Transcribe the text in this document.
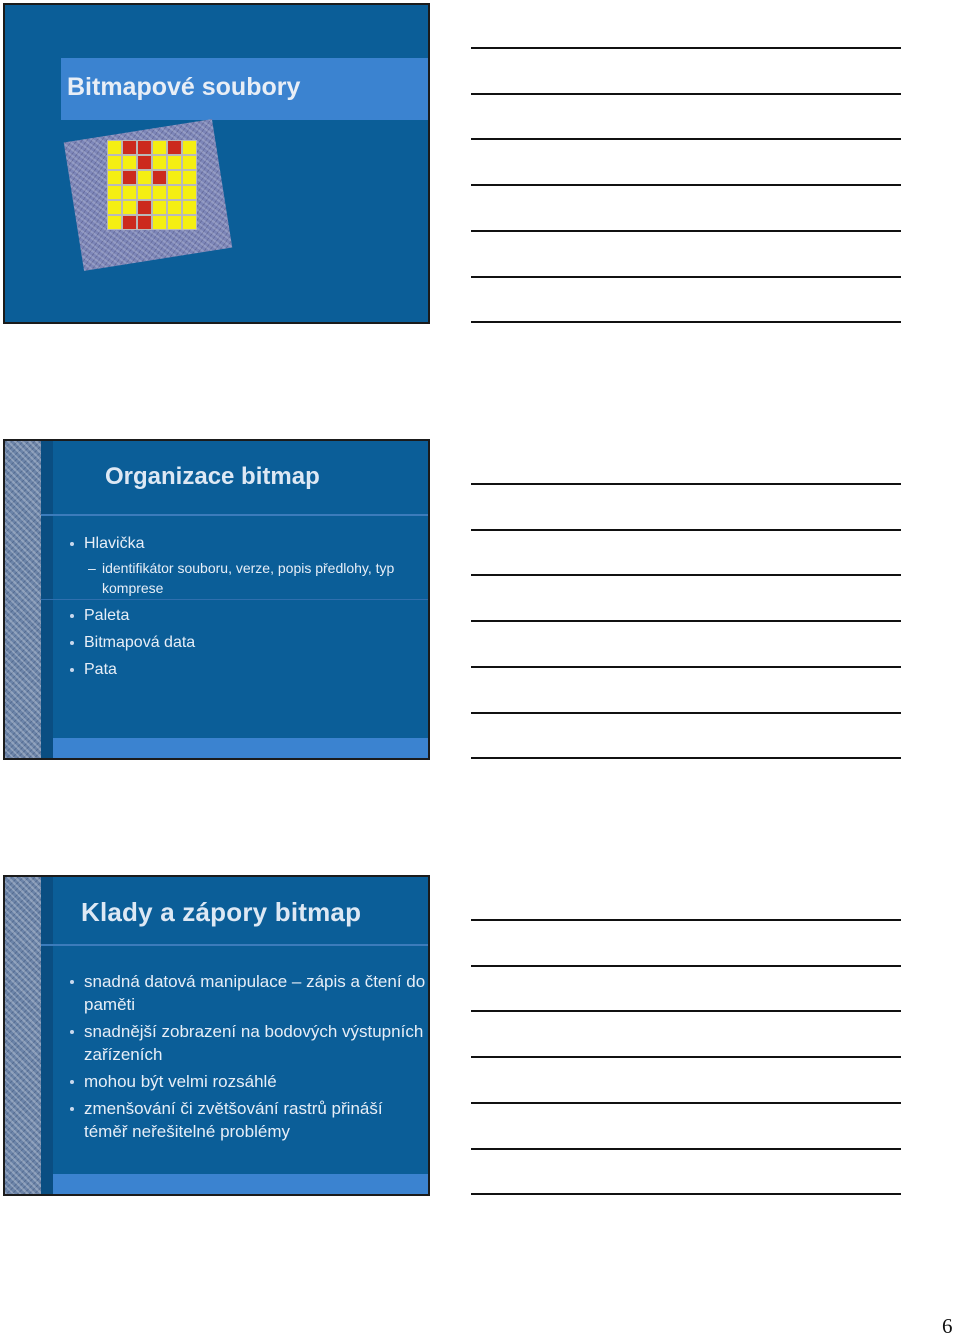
Bitmapové soubory
Organizace bitmap
Hlavička
– identifikátor souboru, verze, popis předlohy, typ komprese
Paleta
Bitmapová data
Pata
Klady a zápory bitmap
snadná datová manipulace – zápis a čtení do paměti
snadnější zobrazení na bodových výstupních zařízeních
mohou být velmi rozsáhlé
zmenšování či zvětšování rastrů přináší téměř neřešitelné problémy
6
